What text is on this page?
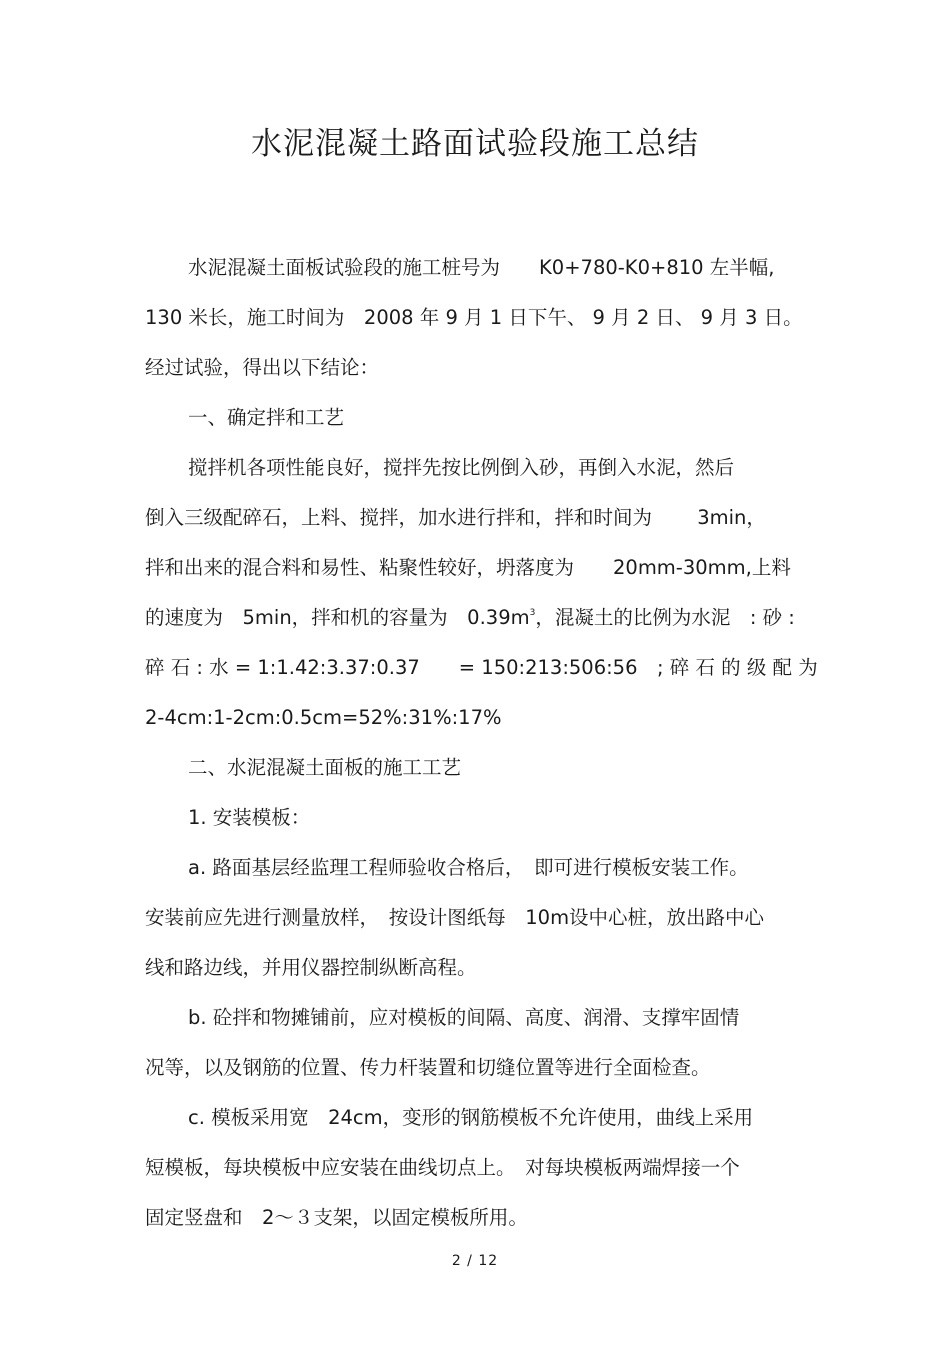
水泥混凝土路面试验段施工总结
水泥混凝土面板试验段的施工桩号为　　K0+780-K0+810 左半幅,
130 米长，施工时间为　2008 年 9 月 1 日下午、 9 月 2 日、 9 月 3 日。
经过试验，得出以下结论：
一、确定拌和工艺
搅拌机各项性能良好，搅拌先按比例倒入砂，再倒入水泥，然后
倒入三级配碎石，上料、搅拌，加水进行拌和，拌和时间为　　 3min，
拌和出来的混合料和易性、粘聚性较好，坍落度为　　20mm-30mm,上料
的速度为　5min，拌和机的容量为　$0.39m^3$，混凝土的比例为水泥　: 砂 :
碎 石 : 水 = 1:1.42:3.37:0.37　　= 150:213:506:56　; 碎 石 的 级 配 为
2-4cm:1-2cm:0.5cm=52%:31%:17%
二、水泥混凝土面板的施工工艺
1. 安装模板：
a. 路面基层经监理工程师验收合格后，　即可进行模板安装工作。
安装前应先进行测量放样，　按设计图纸每　10m设中心桩，放出路中心
线和路边线，并用仪器控制纵断高程。
b. 砼拌和物摊铺前，应对模板的间隔、高度、润滑、支撑牢固情
况等，以及钢筋的位置、传力杆装置和切缝位置等进行全面检查。
c. 模板采用宽　24cm，变形的钢筋模板不允许使用，曲线上采用
短模板，每块模板中应安装在曲线切点上。　对每块模板两端焊接一个
固定竖盘和　2～３支架，以固定模板所用。
2 / 12
